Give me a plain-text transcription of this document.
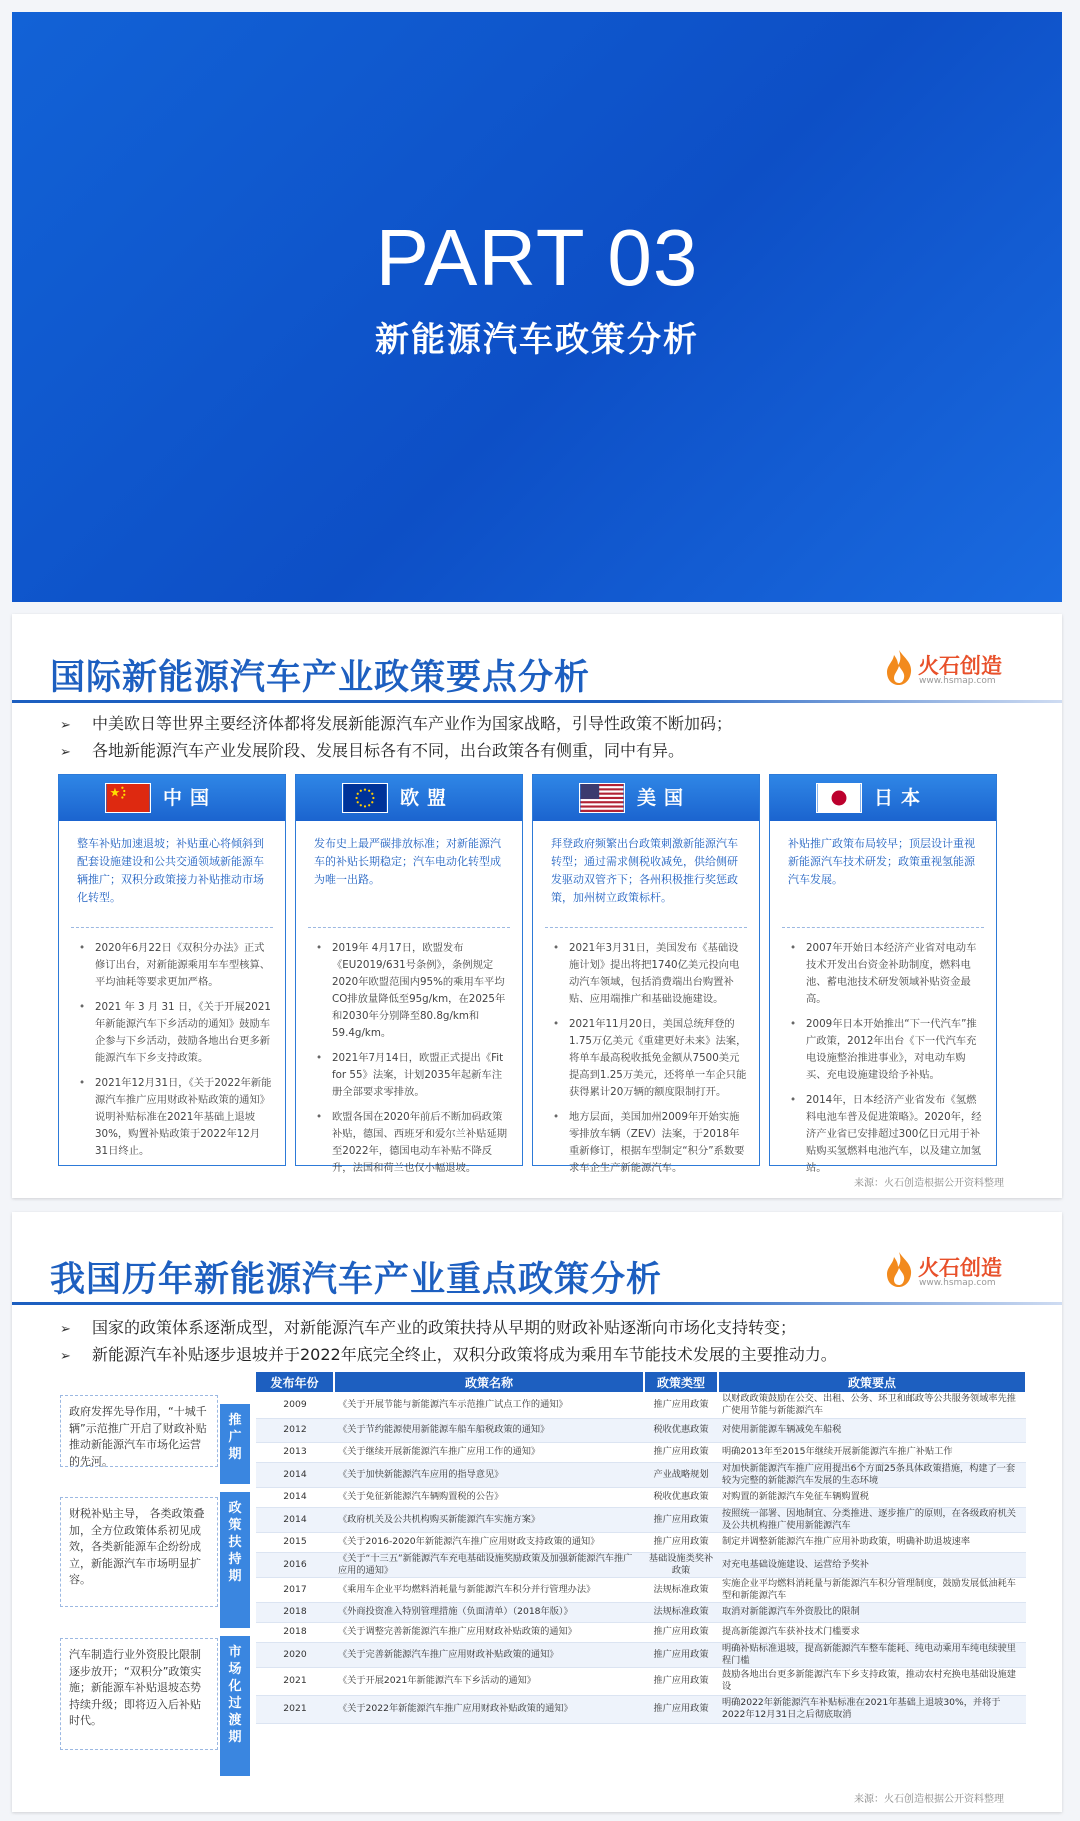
PART 03
新能源汽车政策分析
国际新能源汽车产业政策要点分析	火石创造
www.hsmap.com
➢ 中美欧日等世界主要经济体都将发展新能源汽车产业作为国家战略，引导性政策不断加码；
➢ 各地新能源汽车产业发展阶段、发展目标各有不同，出台政策各有侧重，同中有异。
中国
整车补贴加速退坡；补贴重心将倾斜到配套设施建设和公共交通领域新能源车辆推广；双积分政策接力补贴推动市场化转型。
• 2020年6月22日《双积分办法》正式修订出台，对新能源乘用车车型核算、平均油耗等要求更加严格。
• 2021 年 3 月 31 日，《关于开展2021 年新能源汽车下乡活动的通知》鼓励车企参与下乡活动，鼓励各地出台更多新能源汽车下乡支持政策。
• 2021年12月31日，《关于2022年新能源汽车推广应用财政补贴政策的通知》说明补贴标准在2021年基础上退坡30%，购置补贴政策于2022年12月31日终止。
欧盟
发布史上最严碳排放标准；对新能源汽车的补贴长期稳定；汽车电动化转型成为唯一出路。
• 2019年 4月17日，欧盟发布《EU2019/631号条例》，条例规定2020年欧盟范围内95%的乘用车平均CO排放量降低至95g/km，在2025年和2030年分别降至80.8g/km和59.4g/km。
• 2021年7月14日，欧盟正式提出《Fit for 55》法案，计划2035年起新车注册全部要求零排放。
• 欧盟各国在2020年前后不断加码政策补贴，德国、西班牙和爱尔兰补贴延期至2022年，德国电动车补贴不降反升，法国和荷兰也仅小幅退坡。
美国
拜登政府频繁出台政策刺激新能源汽车转型；通过需求侧税收减免，供给侧研发驱动双管齐下；各州积极推行奖惩政策，加州树立政策标杆。
• 2021年3月31日，美国发布《基础设施计划》提出将把1740亿美元投向电动汽车领域，包括消费端出台购置补贴、应用端推广和基础设施建设。
• 2021年11月20日，美国总统拜登的1.75万亿美元《重建更好未来》法案，将单车最高税收抵免金额从7500美元提高到1.25万美元，还将单一车企只能获得累计20万辆的额度限制打开。
• 地方层面，美国加州2009年开始实施零排放车辆（ZEV）法案，于2018年重新修订，根据车型制定“积分”系数要求车企生产新能源汽车。
日本
补贴推广政策布局较早；顶层设计重视新能源汽车技术研发；政策重视氢能源汽车发展。
• 2007年开始日本经济产业省对电动车技术开发出台资金补助制度，燃料电池、蓄电池技术研发领域补贴资金最高。
• 2009年日本开始推出“下一代汽车”推广政策，2012年出台《下一代汽车充电设施整治推进事业》，对电动车购买、充电设施建设给予补贴。
• 2014年，日本经济产业省发布《氢燃料电池车普及促进策略》。2020年，经济产业省已安排超过300亿日元用于补贴购买氢燃料电池汽车，以及建立加氢站。
来源：火石创造根据公开资料整理
我国历年新能源汽车产业重点政策分析	火石创造
www.hsmap.com
➢ 国家的政策体系逐渐成型，对新能源汽车产业的政策扶持从早期的财政补贴逐渐向市场化支持转变；
➢ 新能源汽车补贴逐步退坡并于2022年底完全终止，双积分政策将成为乘用车节能技术发展的主要推动力。
政府发挥先导作用，“十城千辆”示范推广开启了财政补贴推动新能源汽车市场化运营的先河。
财税补贴主导， 各类政策叠加，全方位政策体系初见成效，各类新能源车企纷纷成立，新能源汽车市场明显扩容。
汽车制造行业外资股比限制逐步放开；“双积分”政策实施；新能源车补贴退坡态势持续升级；即将迈入后补贴时代。
推广期
政策扶持期
市场化过渡期
发布年份	政策名称	政策类型	政策要点
2009	《关于开展节能与新能源汽车示范推广试点工作的通知》	推广应用政策	以财政政策鼓励在公交、出租、公务、环卫和邮政等公共服务领域率先推广使用节能与新能源汽车
2012	《关于节约能源使用新能源车船车船税政策的通知》	税收优惠政策	对使用新能源车辆减免车船税
2013	《关于继续开展新能源汽车推广应用工作的通知》	推广应用政策	明确2013年至2015年继续开展新能源汽车推广补贴工作
2014	《关于加快新能源汽车应用的指导意见》	产业战略规划	对加快新能源汽车推广应用提出6个方面25条具体政策措施，构建了一套较为完整的新能源汽车发展的生态环境
2014	《关于免征新能源汽车辆购置税的公告》	税收优惠政策	对购置的新能源汽车免征车辆购置税
2014	《政府机关及公共机构购买新能源汽车实施方案》	推广应用政策	按照统一部署、因地制宜、分类推进、逐步推广的原则，在各级政府机关及公共机构推广使用新能源汽车
2015	《关于2016-2020年新能源汽车推广应用财政支持政策的通知》	推广应用政策	制定并调整新能源汽车推广应用补助政策，明确补助退坡速率
2016	《关于“十三五”新能源汽车充电基础设施奖励政策及加强新能源汽车推广应用的通知》	基础设施类奖补政策	对充电基础设施建设、运营给予奖补
2017	《乘用车企业平均燃料消耗量与新能源汽车积分并行管理办法》	法规标准政策	实施企业平均燃料消耗量与新能源汽车积分管理制度，鼓励发展低油耗车型和新能源汽车
2018	《外商投资准入特别管理措施（负面清单）（2018年版）》	法规标准政策	取消对新能源汽车外资股比的限制
2018	《关于调整完善新能源汽车推广应用财政补贴政策的通知》	推广应用政策	提高新能源汽车获补技术门槛要求
2020	《关于完善新能源汽车推广应用财政补贴政策的通知》	推广应用政策	明确补贴标准退坡，提高新能源汽车整车能耗、纯电动乘用车纯电续驶里程门槛
2021	《关于开展2021年新能源汽车下乡活动的通知》	推广应用政策	鼓励各地出台更多新能源汽车下乡支持政策，推动农村充换电基础设施建设
2021	《关于2022年新能源汽车推广应用财政补贴政策的通知》	推广应用政策	明确2022年新能源汽车补贴标准在2021年基础上退坡30%，并将于2022年12月31日之后彻底取消
来源：火石创造根据公开资料整理
